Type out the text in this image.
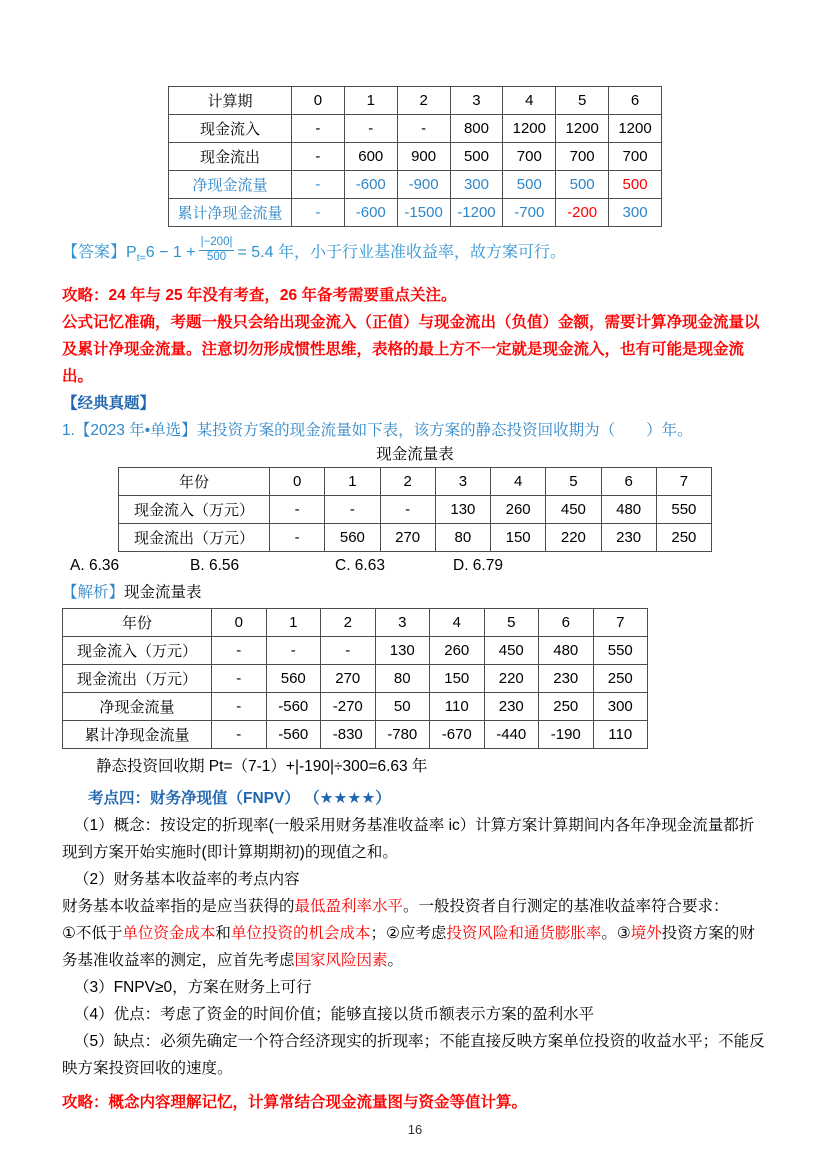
计算期	0	1	2	3	4	5	6
现金流入	-	-	-	800	1200	1200	1200
现金流出	-	600	900	500	700	700	700
净现金流量	-	-600	-900	300	500	500	500
累计净现金流量	-	-600	-1500	-1200	-700	-200	300

【答案】$P_{t=}6 - 1 + \frac{|-200|}{500} = 5.4$ 年，小于行业基准收益率，故方案可行。

攻略：24 年与 25 年没有考查，26 年备考需要重点关注。

公式记忆准确，考题一般只会给出现金流入（正值）与现金流出（负值）金额，需要计算净现金流量以及累计净现金流量。注意切勿形成惯性思维，表格的最上方不一定就是现金流入，也有可能是现金流出。

【经典真题】

1.【2023 年•单选】某投资方案的现金流量如下表，该方案的静态投资回收期为（　　）年。

现金流量表

年份	0	1	2	3	4	5	6	7
现金流入（万元）	-	-	-	130	260	450	480	550
现金流出（万元）	-	560	270	80	150	220	230	250
A. 6.36	B. 6.56	C. 6.63	D. 6.79

【解析】现金流量表

年份	0	1	2	3	4	5	6	7
现金流入（万元）	-	-	-	130	260	450	480	550
现金流出（万元）	-	560	270	80	150	220	230	250
净现金流量	-	-560	-270	50	110	230	250	300
累计净现金流量	-	-560	-830	-780	-670	-440	-190	110

静态投资回收期 Pt=（7-1）+|-190|÷300=6.63 年

考点四：财务净现值（FNPV） （★★★★）

（1）概念：按设定的折现率(一般采用财务基准收益率 ic）计算方案计算期间内各年净现金流量都折现到方案开始实施时(即计算期期初)的现值之和。

（2）财务基本收益率的考点内容

财务基本收益率指的是应当获得的最低盈利率水平。一般投资者自行测定的基准收益率符合要求：

①不低于单位资金成本和单位投资的机会成本；②应考虑投资风险和通货膨胀率。③境外投资方案的财务基准收益率的测定，应首先考虑国家风险因素。

（3）FNPV≥0，方案在财务上可行

（4）优点：考虑了资金的时间价值；能够直接以货币额表示方案的盈利水平

（5）缺点：必须先确定一个符合经济现实的折现率；不能直接反映方案单位投资的收益水平；不能反映方案投资回收的速度。

攻略：概念内容理解记忆，计算常结合现金流量图与资金等值计算。

16
